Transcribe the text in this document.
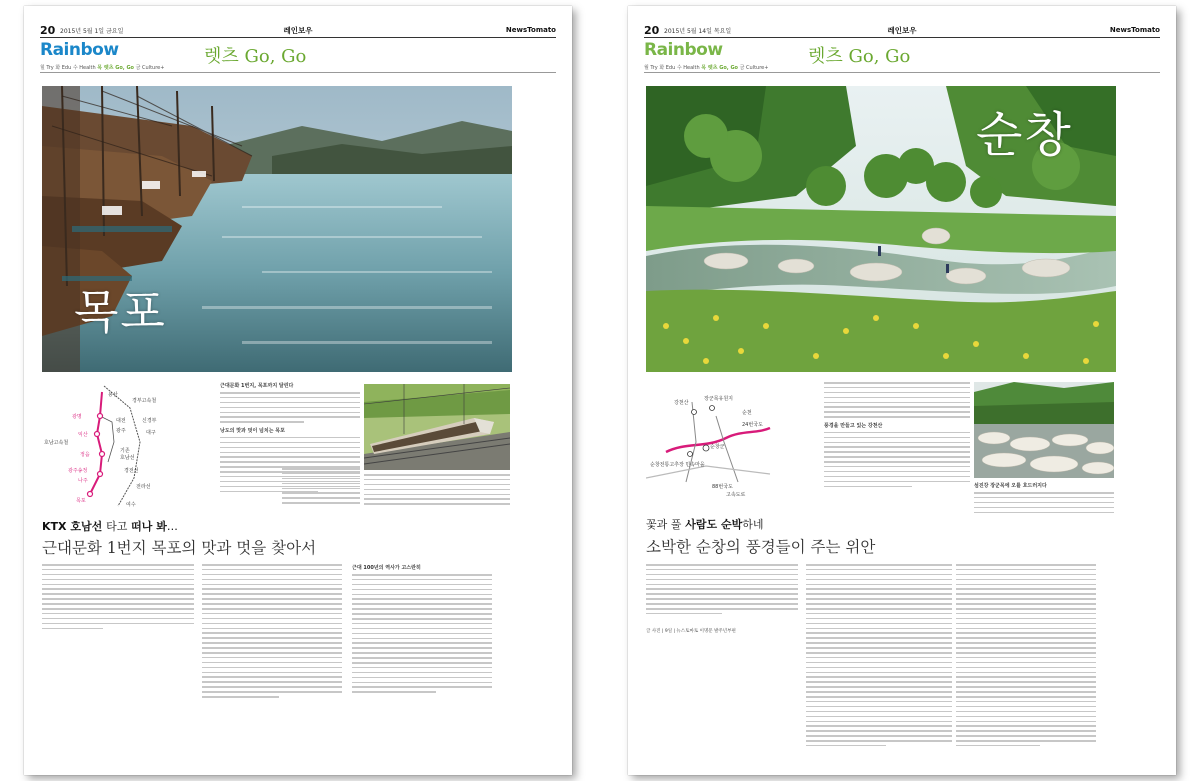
20 2015년 5월 1일 금요일	레인보우	NewsTomato
Rainbow	렛츠 Go, Go
힐 Try 화 Edu 수 Health 목 렛츠 Go, Go 금 Culture+
목포
용산
경부고속철
대전
광주
호남고속철
광명
익산
정읍
광주송정
나주
목포
신경부
대구
기존
호남선
경전선
여수
전라선
근대문화 1번지, 목포까지 달린다
낭도의 맛과 멋이 넘치는 목포
KTX 호남선 타고 떠나 봐…
근대문화 1번지 목포의 맛과 멋을 찾아서
근대 100년의 역사가 고스란히
20 2015년 5월 14일 목요일	레인보우	NewsTomato
Rainbow	렛츠 Go, Go
월 Try 화 Edu 수 Health 목 렛츠 Go, Go 금 Culture+
순창
강천산
장군목유원지
순창군
순창전통고추장 민속마을
24번국도
88번국도
고속도로
순천
풍경을 만들고 있는 강천산
섬진강 장군목에 오를 호드러지다
꽃과 풀 사람도 순박하네
소박한 순창의 풍경들이 주는 위안
글 사진 | 9일 | 뉴스토마토 이명문 발주년부편
